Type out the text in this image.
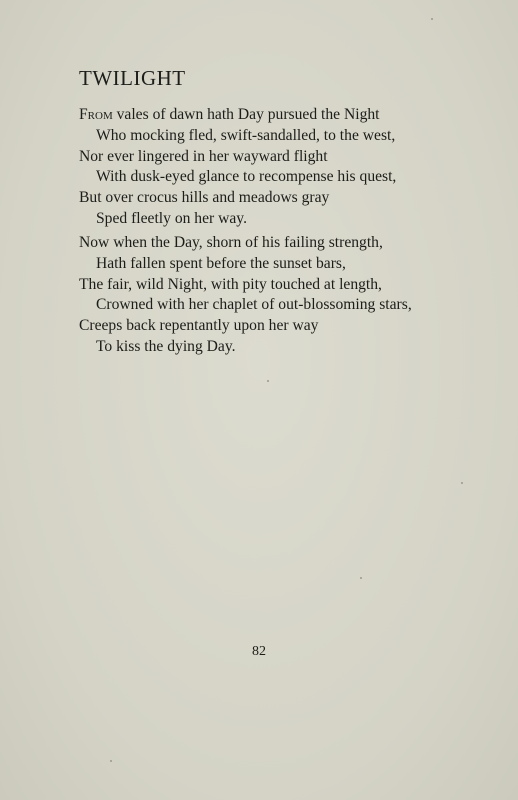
TWILIGHT
From vales of dawn hath Day pursued the Night
Who mocking fled, swift-sandalled, to the west,
Nor ever lingered in her wayward flight
With dusk-eyed glance to recompense his quest,
But over crocus hills and meadows gray
Sped fleetly on her way.
Now when the Day, shorn of his failing strength,
Hath fallen spent before the sunset bars,
The fair, wild Night, with pity touched at length,
Crowned with her chaplet of out-blossoming stars,
Creeps back repentantly upon her way
To kiss the dying Day.
82
